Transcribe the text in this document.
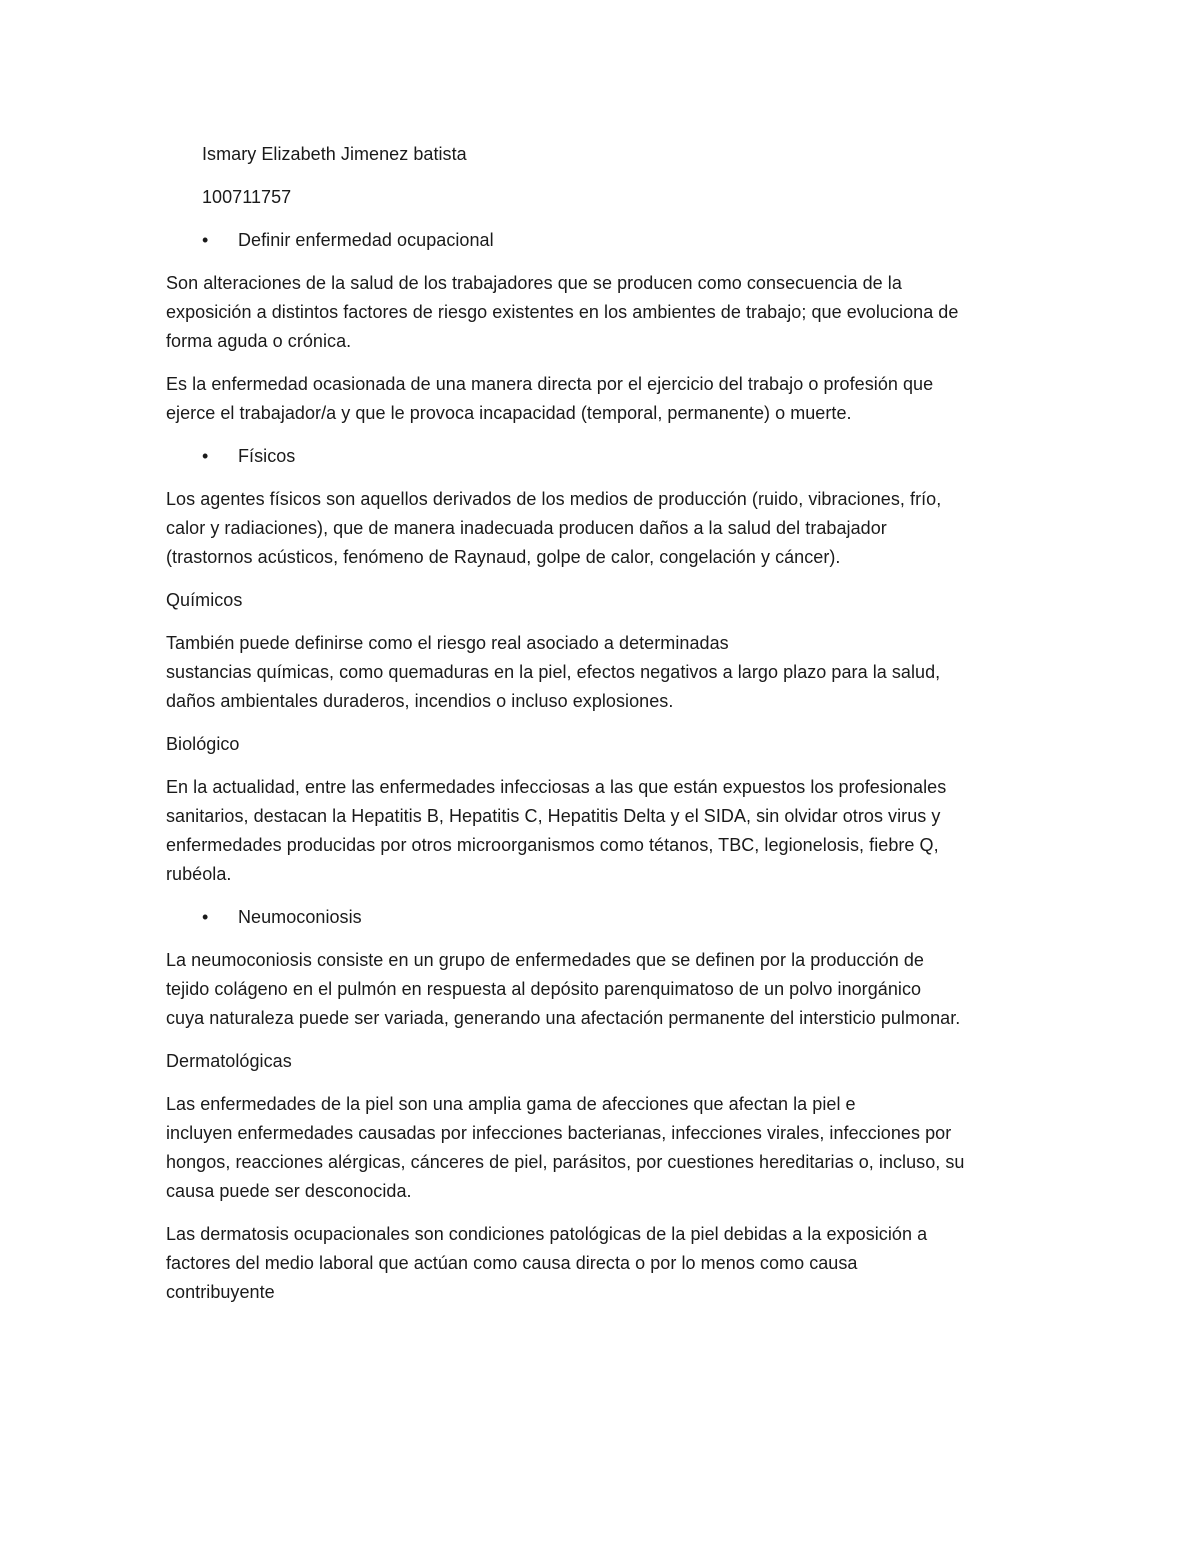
Ismary Elizabeth Jimenez batista
100711757
•	Definir enfermedad ocupacional
Son alteraciones de la salud de los trabajadores que se producen como consecuencia de la
exposición a distintos factores de riesgo existentes en los ambientes de trabajo; que evoluciona de
forma aguda o crónica.
Es la enfermedad ocasionada de una manera directa por el ejercicio del trabajo o profesión que
ejerce el trabajador/a y que le provoca incapacidad (temporal, permanente) o muerte.
•	Físicos
Los agentes físicos son aquellos derivados de los medios de producción (ruido, vibraciones, frío,
calor y radiaciones), que de manera inadecuada producen daños a la salud del trabajador
(trastornos acústicos, fenómeno de Raynaud, golpe de calor, congelación y cáncer).
Químicos
También puede definirse como el riesgo real asociado a determinadas
sustancias químicas, como quemaduras en la piel, efectos negativos a largo plazo para la salud,
daños ambientales duraderos, incendios o incluso explosiones.
Biológico
En la actualidad, entre las enfermedades infecciosas a las que están expuestos los profesionales
sanitarios, destacan la Hepatitis B, Hepatitis C, Hepatitis Delta y el SIDA, sin olvidar otros virus y
enfermedades producidas por otros microorganismos como tétanos, TBC, legionelosis, fiebre Q,
rubéola.
•	Neumoconiosis
La neumoconiosis consiste en un grupo de enfermedades que se definen por la producción de
tejido colágeno en el pulmón en respuesta al depósito parenquimatoso de un polvo inorgánico
cuya naturaleza puede ser variada, generando una afectación permanente del intersticio pulmonar.
Dermatológicas
Las enfermedades de la piel son una amplia gama de afecciones que afectan la piel e
incluyen enfermedades causadas por infecciones bacterianas, infecciones virales, infecciones por
hongos, reacciones alérgicas, cánceres de piel, parásitos, por cuestiones hereditarias o, incluso, su
causa puede ser desconocida.
Las dermatosis ocupacionales son condiciones patológicas de la piel debidas a la exposición a
factores del medio laboral que actúan como causa directa o por lo menos como causa
contribuyente
